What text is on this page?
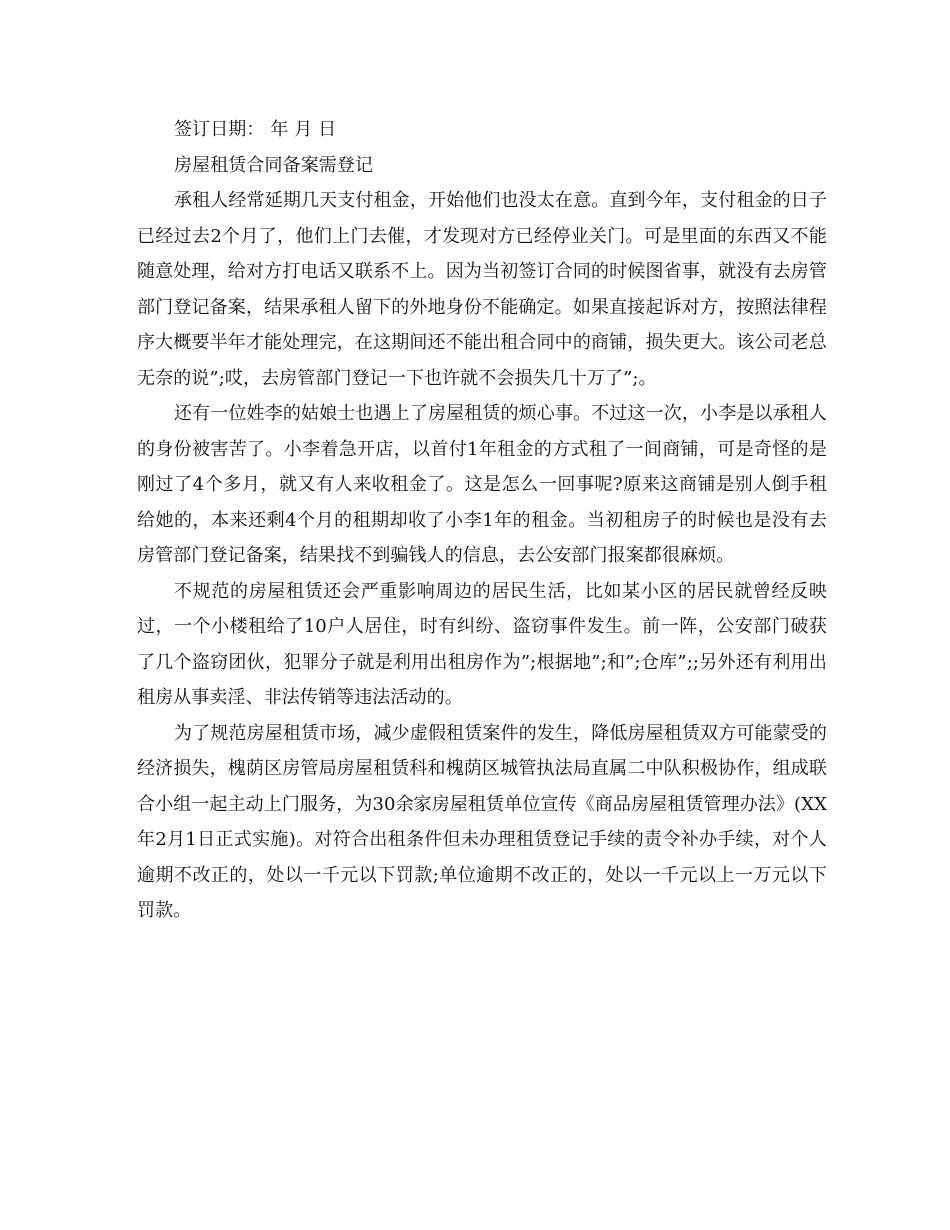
签订日期： 年 月 日

房屋租赁合同备案需登记

承租人经常延期几天支付租金，开始他们也没太在意。直到今年，支付租金的日子已经过去2个月了，他们上门去催，才发现对方已经停业关门。可是里面的东西又不能随意处理，给对方打电话又联系不上。因为当初签订合同的时候图省事，就没有去房管部门登记备案，结果承租人留下的外地身份不能确定。如果直接起诉对方，按照法律程序大概要半年才能处理完，在这期间还不能出租合同中的商铺，损失更大。该公司老总无奈的说”;哎，去房管部门登记一下也许就不会损失几十万了”;。

还有一位姓李的姑娘士也遇上了房屋租赁的烦心事。不过这一次，小李是以承租人的身份被害苦了。小李着急开店，以首付1年租金的方式租了一间商铺，可是奇怪的是刚过了4个多月，就又有人来收租金了。这是怎么一回事呢?原来这商铺是别人倒手租给她的，本来还剩4个月的租期却收了小李1年的租金。当初租房子的时候也是没有去房管部门登记备案，结果找不到骗钱人的信息，去公安部门报案都很麻烦。

不规范的房屋租赁还会严重影响周边的居民生活，比如某小区的居民就曾经反映过，一个小楼租给了10户人居住，时有纠纷、盗窃事件发生。前一阵，公安部门破获了几个盗窃团伙，犯罪分子就是利用出租房作为”;根据地”;和”;仓库”;;另外还有利用出租房从事卖淫、非法传销等违法活动的。

为了规范房屋租赁市场，减少虚假租赁案件的发生，降低房屋租赁双方可能蒙受的经济损失，槐荫区房管局房屋租赁科和槐荫区城管执法局直属二中队积极协作，组成联合小组一起主动上门服务，为30余家房屋租赁单位宣传《商品房屋租赁管理办法》(XX年2月1日正式实施)。对符合出租条件但未办理租赁登记手续的责令补办手续，对个人逾期不改正的，处以一千元以下罚款;单位逾期不改正的，处以一千元以上一万元以下罚款。
